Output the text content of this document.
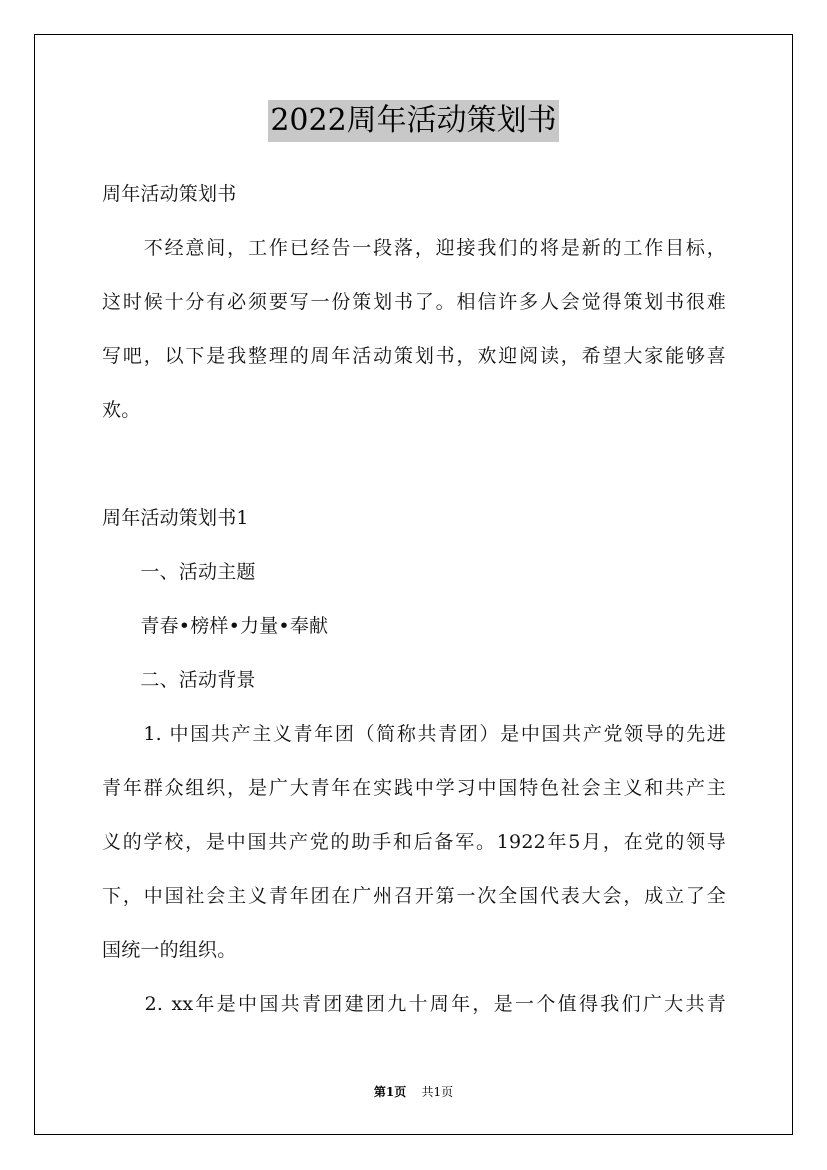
2022周年活动策划书
周年活动策划书
　　不经意间，工作已经告一段落，迎接我们的将是新的工作目标，
这时候十分有必须要写一份策划书了。相信许多人会觉得策划书很难
写吧，以下是我整理的周年活动策划书，欢迎阅读，希望大家能够喜
欢。
周年活动策划书1
　　一、活动主题
　　青春•榜样•力量•奉献
　　二、活动背景
　　1. 中国共产主义青年团（简称共青团）是中国共产党领导的先进
青年群众组织，是广大青年在实践中学习中国特色社会主义和共产主
义的学校，是中国共产党的助手和后备军。1922年5月，在党的领导
下，中国社会主义青年团在广州召开第一次全国代表大会，成立了全
国统一的组织。
　　2. xx年是中国共青团建团九十周年，是一个值得我们广大共青
第1页 共1页
